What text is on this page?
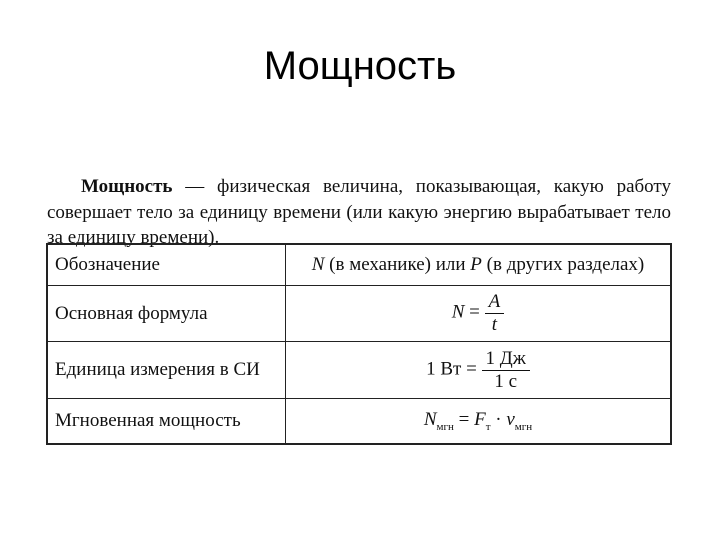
Мощность

Мощность — физическая величина, показывающая, какую работу совершает тело за единицу времени (или какую энергию вырабатывает тело за единицу времени).

Обозначение	N (в механике) или P (в других разделах)
Основная формула	$N = \frac{A}{t}$

Единица измерения в СИ	1 Вт = $\frac{1 Дж}{1 с}$

Мгновенная мощность	$N_{мгн} = F_т \cdot v_{мгн}$
